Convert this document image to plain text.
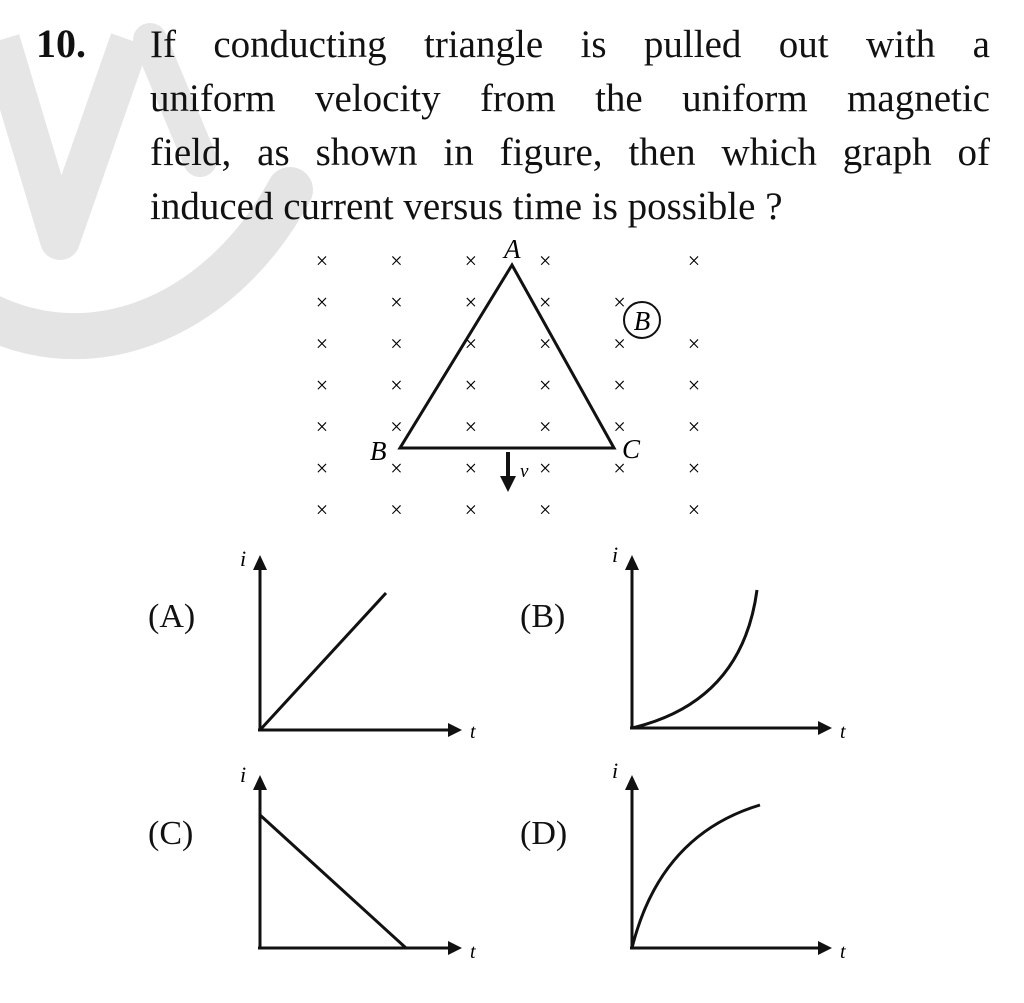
10. If conducting triangle is pulled out with a
uniform velocity from the uniform magnetic
field, as shown in figure, then which graph of
induced current versus time is possible ?

×	×	×	×	×
×	×	×	×	×
×	×	×	×	×	×
×	×	×	×	×	×
×	×	×	×	×	×
×	×	×	×	×	×
×	×	×	×	×
v
A
B	C
B
(A)	(B)
(C)	(D)
i
t
i
t
i
t
i
t
